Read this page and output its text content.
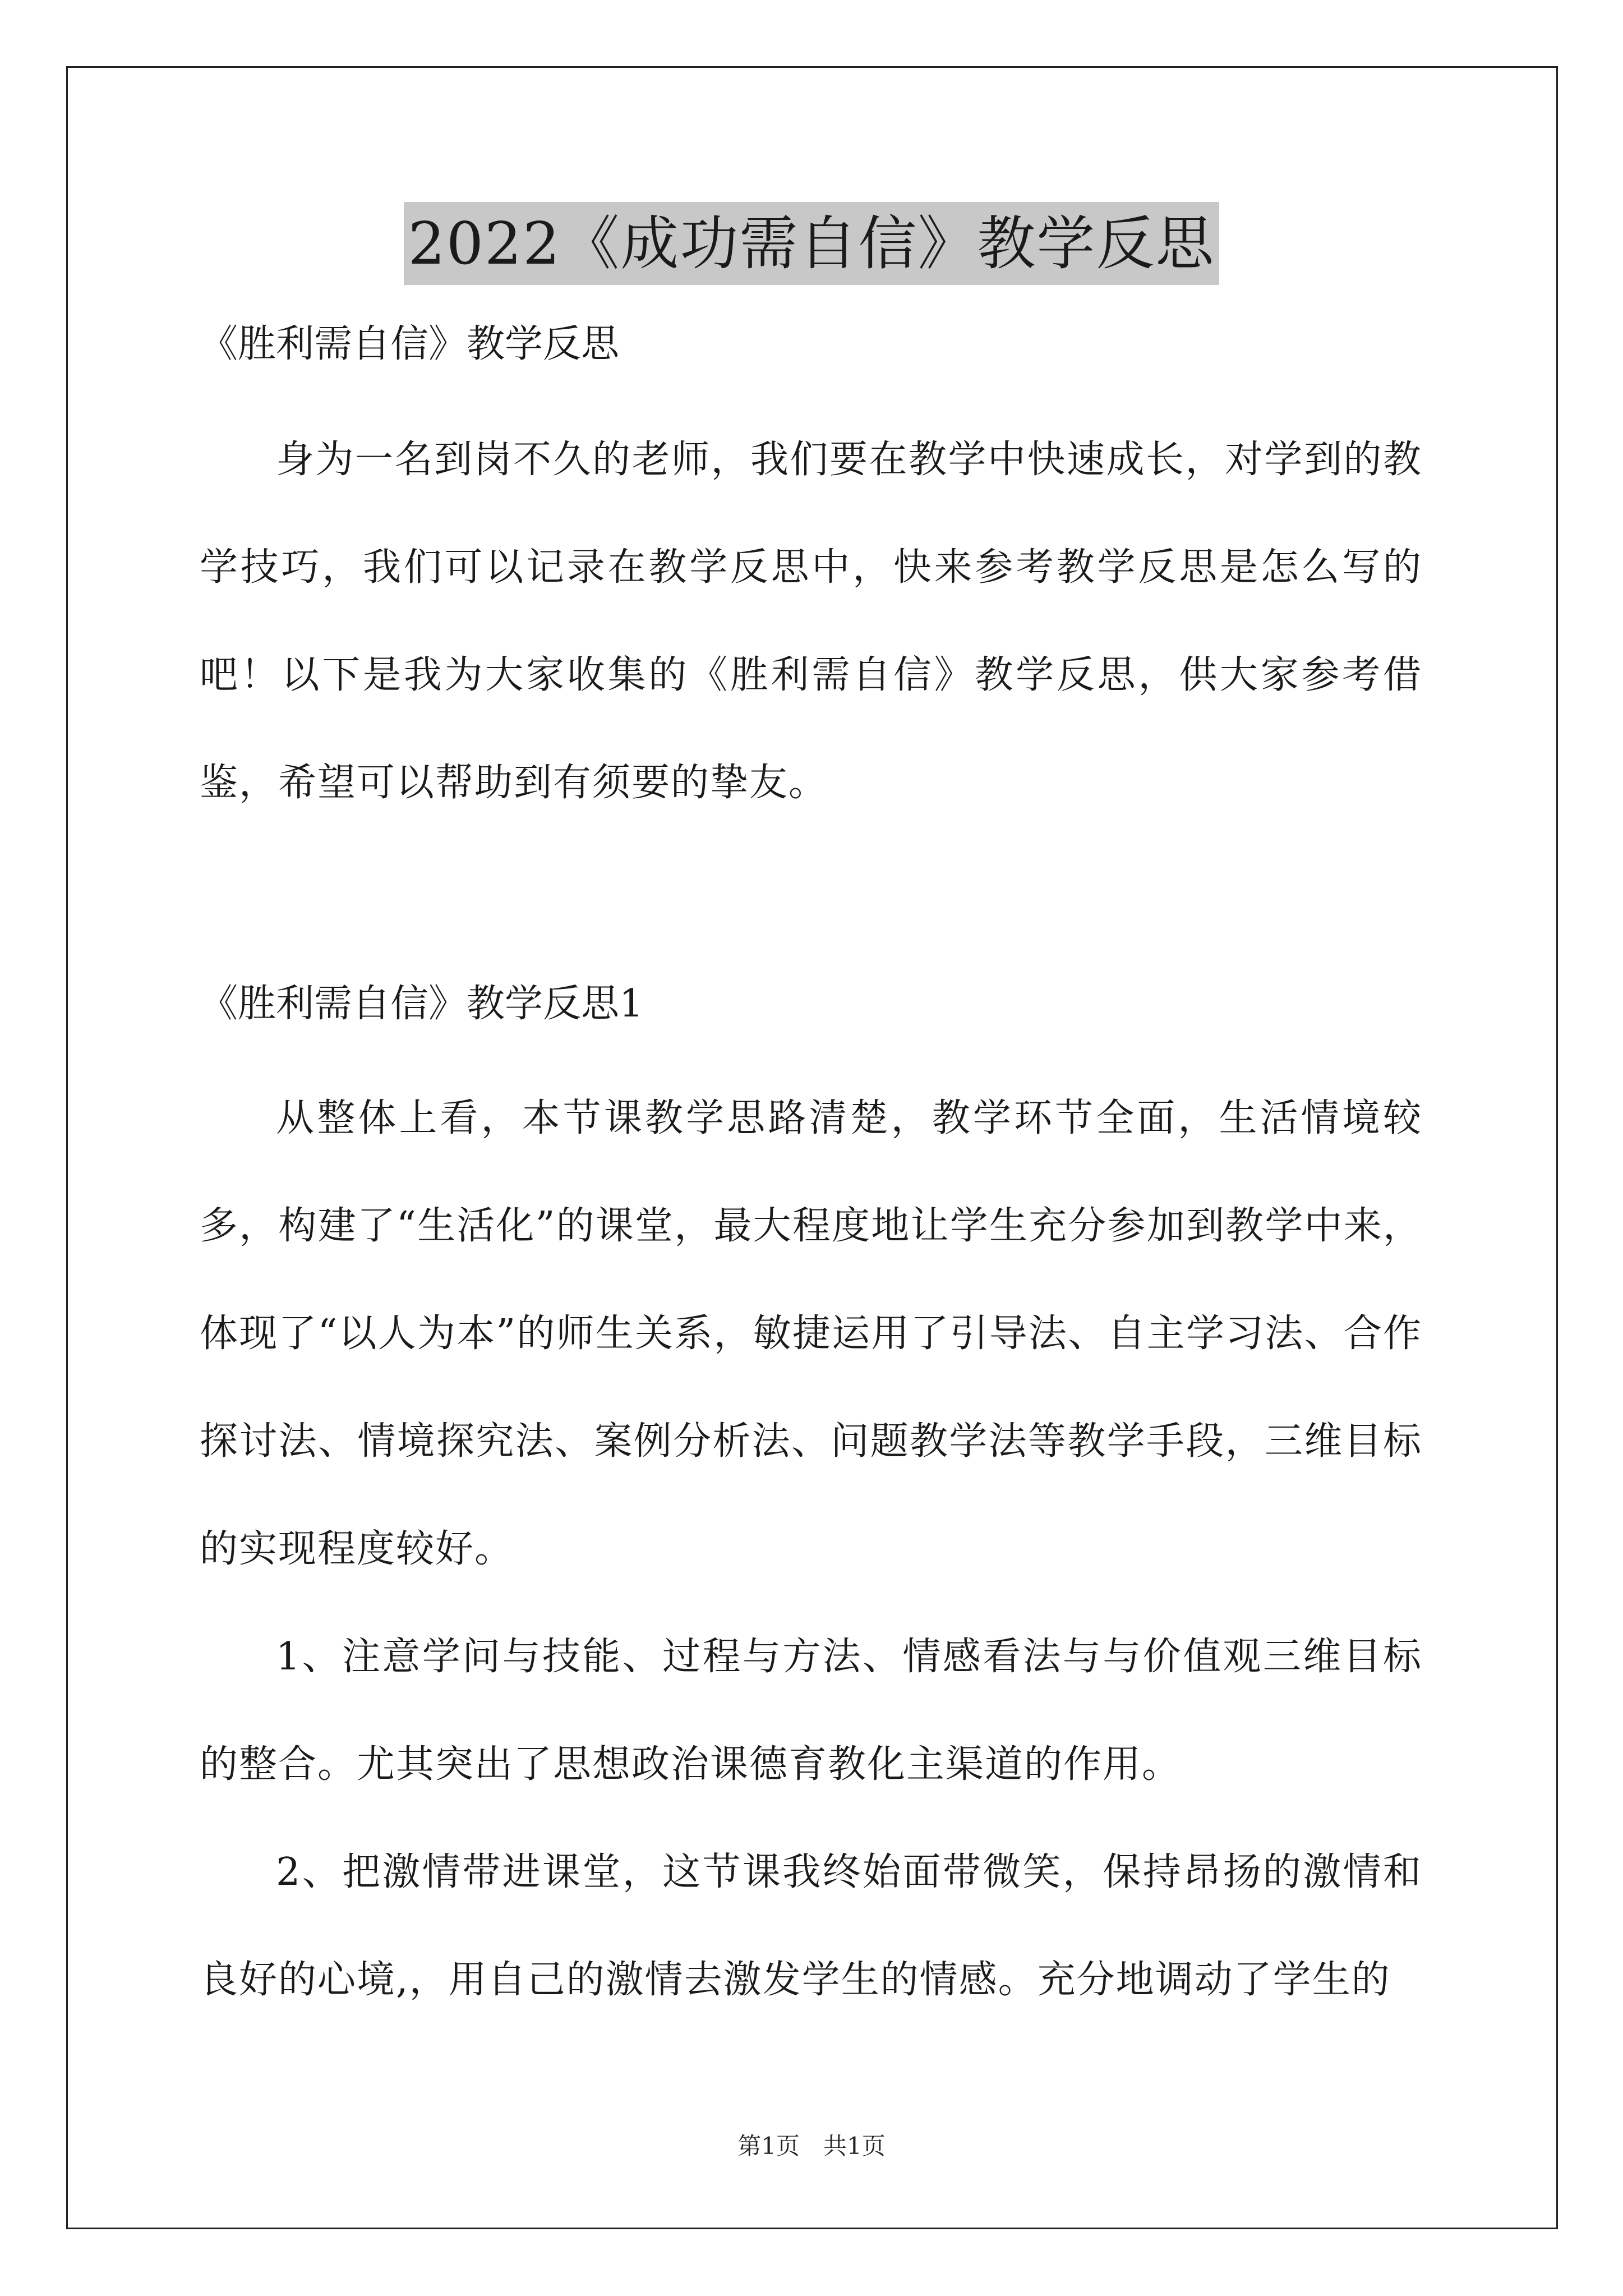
2022《成功需自信》教学反思

《胜利需自信》教学反思

身为一名到岗不久的老师，我们要在教学中快速成长，对学到的教学技巧，我们可以记录在教学反思中，快来参考教学反思是怎么写的吧！以下是我为大家收集的《胜利需自信》教学反思，供大家参考借鉴，希望可以帮助到有须要的挚友。

《胜利需自信》教学反思1

从整体上看，本节课教学思路清楚，教学环节全面，生活情境较多，构建了“生活化”的课堂，最大程度地让学生充分参加到教学中来，体现了“以人为本”的师生关系，敏捷运用了引导法、自主学习法、合作探讨法、情境探究法、案例分析法、问题教学法等教学手段，三维目标的实现程度较好。

1、注意学问与技能、过程与方法、情感看法与与价值观三维目标的整合。尤其突出了思想政治课德育教化主渠道的作用。

2、把激情带进课堂，这节课我终始面带微笑，保持昂扬的激情和良好的心境,，用自己的激情去激发学生的情感。充分地调动了学生的

第1页 共1页
